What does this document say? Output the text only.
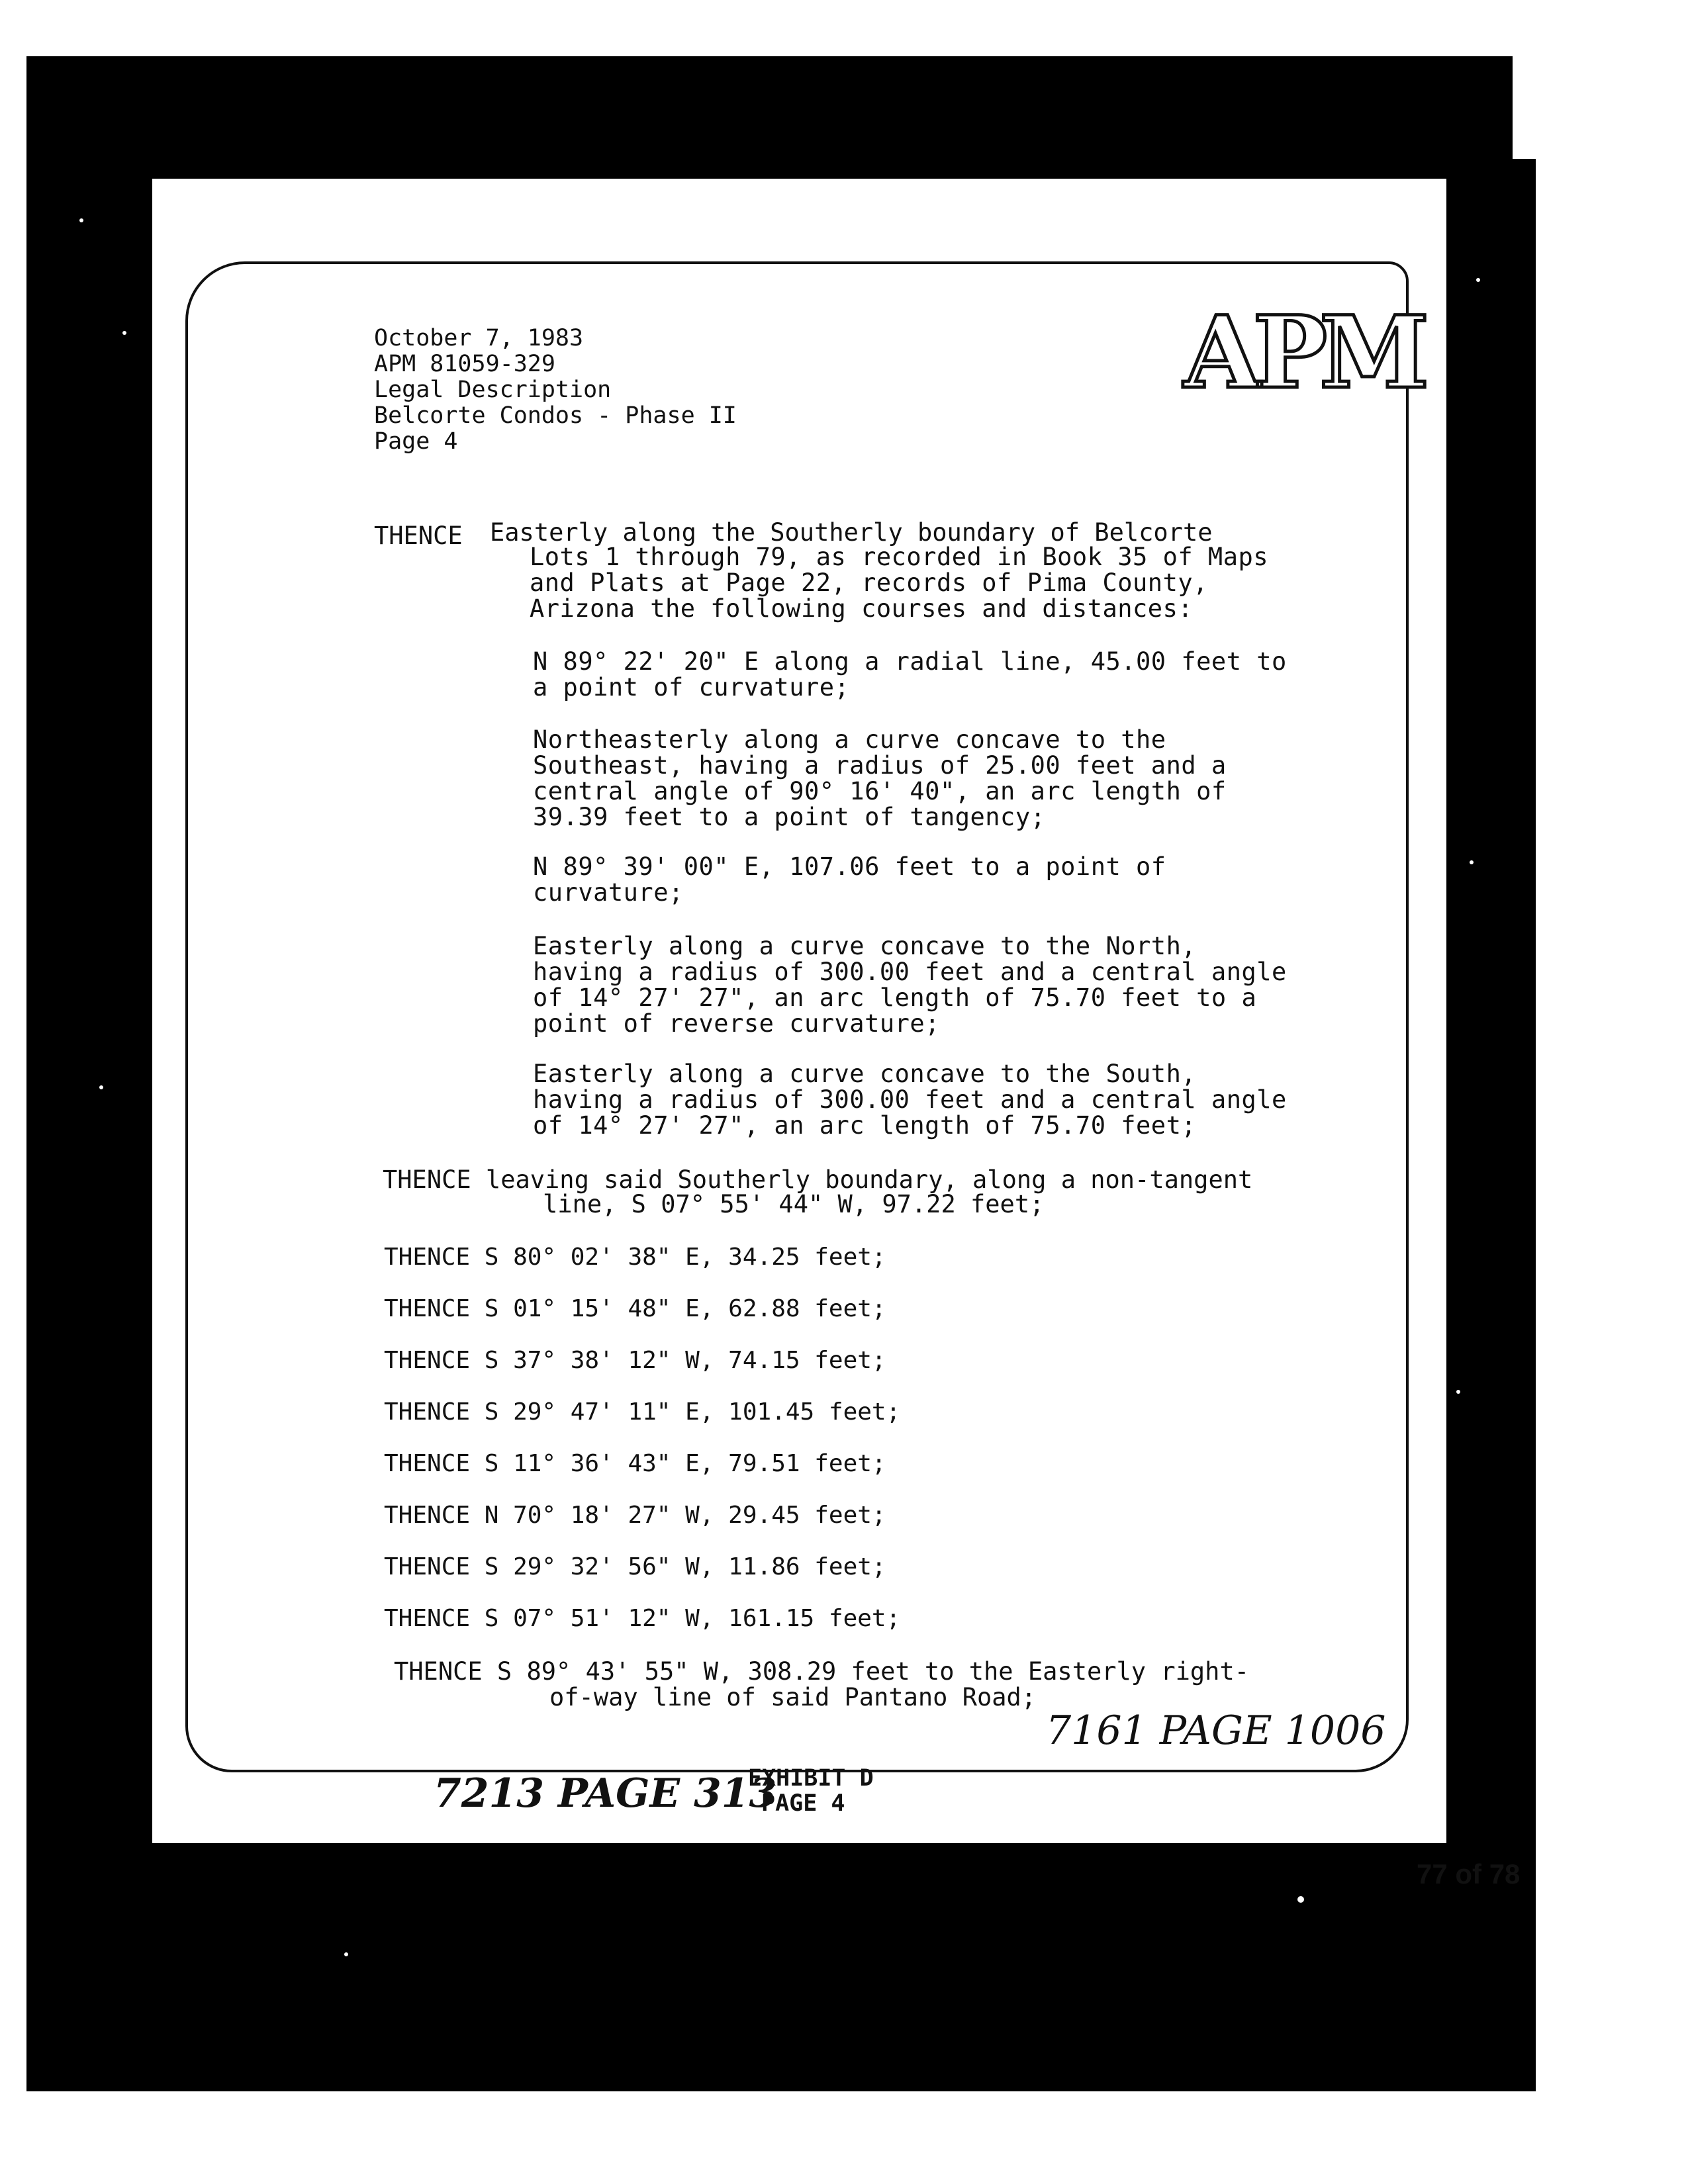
October 7, 1983
APM 81059-329
Legal Description
Belcorte Condos - Phase II
Page 4
APM
THENCE Easterly along the Southerly boundary of Belcorte
Lots 1 through 79, as recorded in Book 35 of Maps
and Plats at Page 22, records of Pima County,
Arizona the following courses and distances:
N 89° 22' 20" E along a radial line, 45.00 feet to
a point of curvature;
Northeasterly along a curve concave to the
Southeast, having a radius of 25.00 feet and a
central angle of 90° 16' 40", an arc length of
39.39 feet to a point of tangency;
N 89° 39' 00" E, 107.06 feet to a point of
curvature;
Easterly along a curve concave to the North,
having a radius of 300.00 feet and a central angle
of 14° 27' 27", an arc length of 75.70 feet to a
point of reverse curvature;
Easterly along a curve concave to the South,
having a radius of 300.00 feet and a central angle
of 14° 27' 27", an arc length of 75.70 feet;
THENCE leaving said Southerly boundary, along a non-tangent
line, S 07° 55' 44" W, 97.22 feet;
THENCE S 80° 02' 38" E, 34.25 feet;
THENCE S 01° 15' 48" E, 62.88 feet;
THENCE S 37° 38' 12" W, 74.15 feet;
THENCE S 29° 47' 11" E, 101.45 feet;
THENCE S 11° 36' 43" E, 79.51 feet;
THENCE N 70° 18' 27" W, 29.45 feet;
THENCE S 29° 32' 56" W, 11.86 feet;
THENCE S 07° 51' 12" W, 161.15 feet;
THENCE S 89° 43' 55" W, 308.29 feet to the Easterly right-
of-way line of said Pantano Road;
7161 PAGE 1006
7213 PAGE 313
EXHIBIT D
PAGE 4
77 of 78
